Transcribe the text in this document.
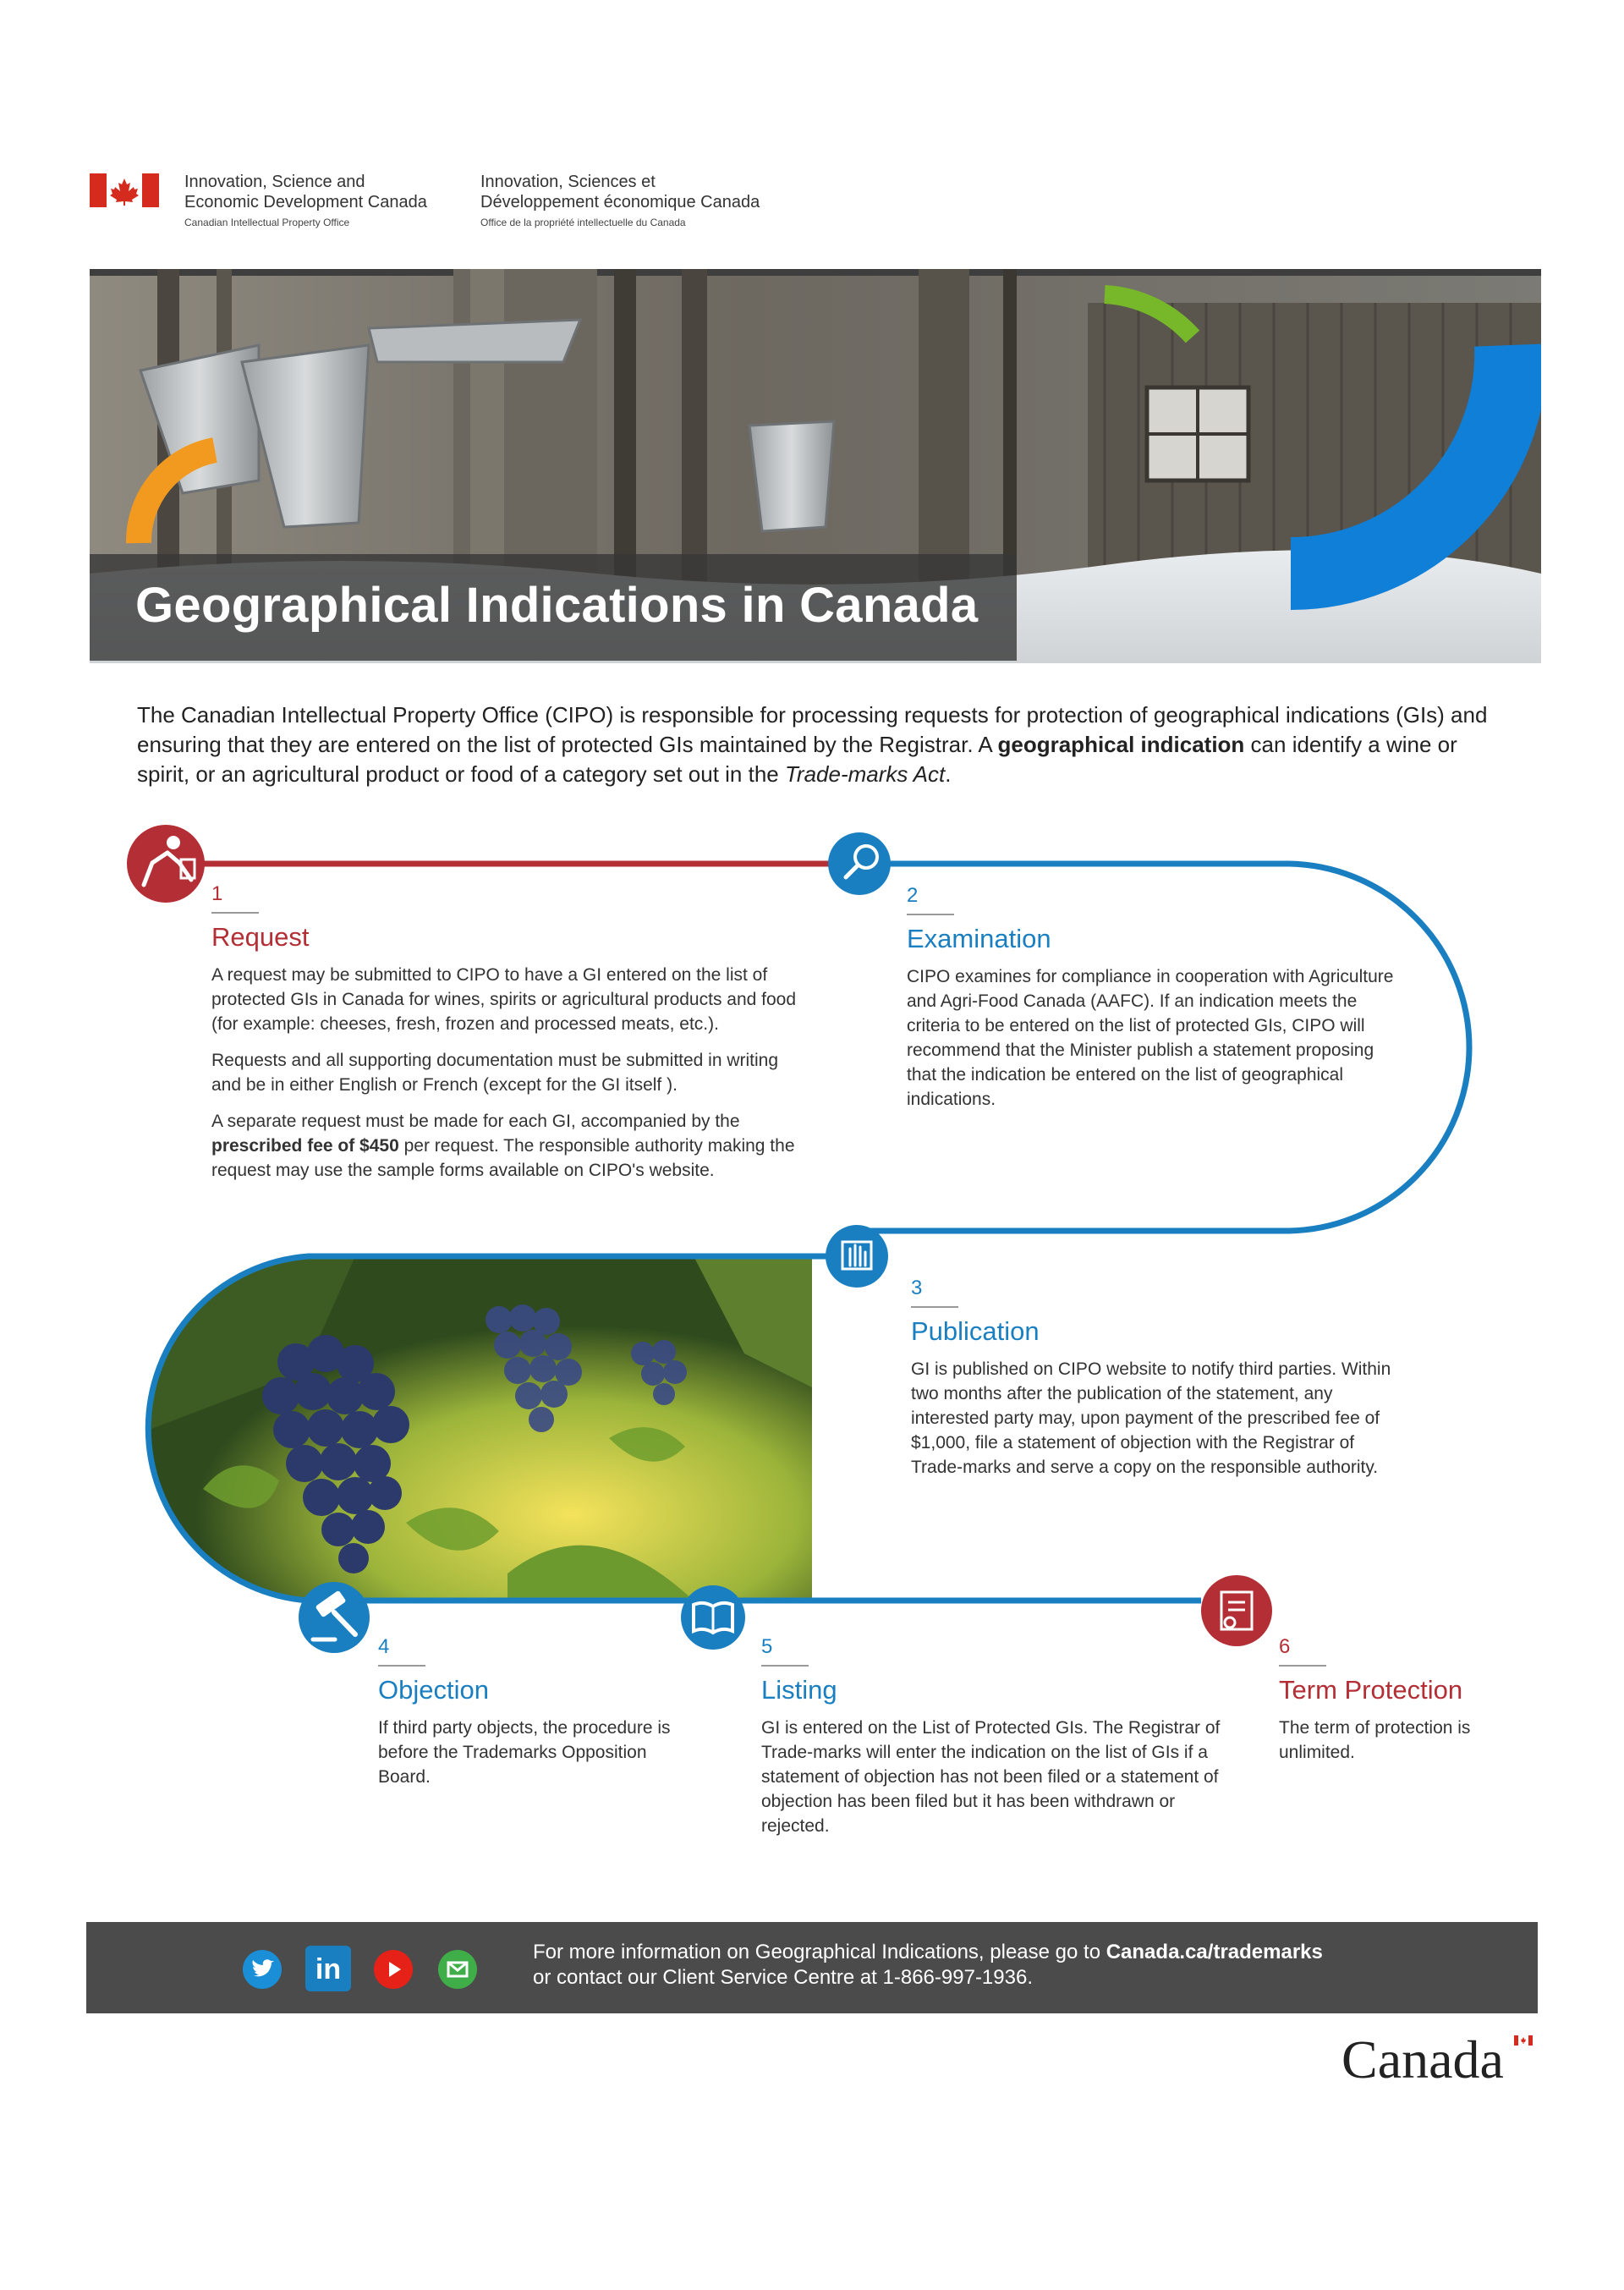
Innovation, Science and
Economic Development Canada
Canadian Intellectual Property Office
Innovation, Sciences et
Développement économique Canada
Office de la propriété intellectuelle du Canada
Geographical Indications in Canada
The Canadian Intellectual Property Office (CIPO) is responsible for processing requests for protection of geographical indications (GIs) and ensuring that they are entered on the list of protected GIs maintained by the Registrar. A geographical indication can identify a wine or spirit, or an agricultural product or food of a category set out in the Trade-marks Act.
1
Request

A request may be submitted to CIPO to have a GI entered on the list of protected GIs in Canada for wines, spirits or agricultural products and food (for example: cheeses, fresh, frozen and processed meats, etc.).

Requests and all supporting documentation must be submitted in writing and be in either English or French (except for the GI itself ).

A separate request must be made for each GI, accompanied by the prescribed fee of $450 per request. The responsible authority making the request may use the sample forms available on CIPO's website.

2
Examination
CIPO examines for compliance in cooperation with Agriculture and Agri-Food Canada (AAFC). If an indication meets the criteria to be entered on the list of protected GIs, CIPO will recommend that the Minister publish a statement proposing that the indication be entered on the list of geographical indications.
3
Publication
GI is published on CIPO website to notify third parties. Within two months after the publication of the statement, any interested party may, upon payment of the prescribed fee of $1,000, file a statement of objection with the Registrar of Trade-marks and serve a copy on the responsible authority.
4
Objection
If third party objects, the procedure is before the Trademarks Opposition Board.
5
Listing
GI is entered on the List of Protected GIs. The Registrar of Trade-marks will enter the indication on the list of GIs if a statement of objection has not been filed or a statement of objection has been filed but it has been withdrawn or rejected.
6
Term Protection
The term of protection is unlimited.
in
For more information on Geographical Indications, please go to Canada.ca/trademarks
or contact our Client Service Centre at 1-866-997-1936.
Canada
